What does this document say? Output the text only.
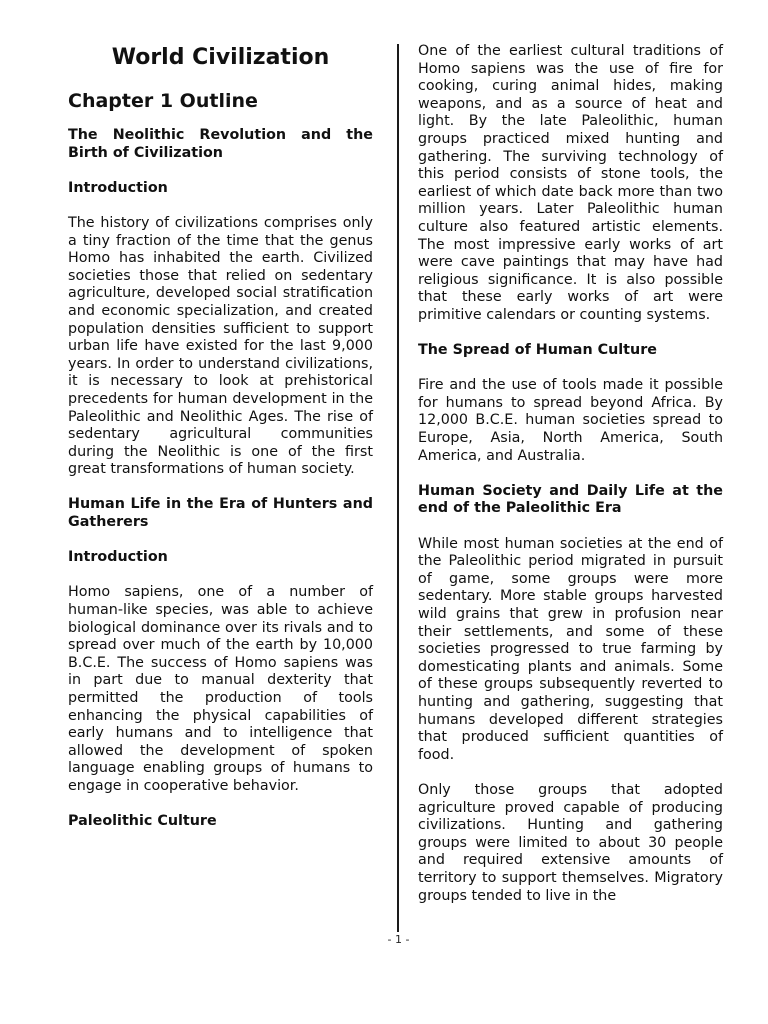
World Civilization
Chapter 1 Outline

The Neolithic Revolution and the Birth of Civilization

Introduction

The history of civilizations comprises only a tiny fraction of the time that the genus Homo has inhabited the earth. Civilized societies those that relied on sedentary agriculture, developed social stratification and economic specialization, and created population densities sufficient to support urban life have existed for the last 9,000 years. In order to understand civilizations, it is necessary to look at prehistorical precedents for human development in the Paleolithic and Neolithic Ages. The rise of sedentary agricultural communities during the Neolithic is one of the first great transformations of human society.

Human Life in the Era of Hunters and Gatherers

Introduction

Homo sapiens, one of a number of human-like species, was able to achieve biological dominance over its rivals and to spread over much of the earth by 10,000 B.C.E. The success of Homo sapiens was in part due to manual dexterity that permitted the production of tools enhancing the physical capabilities of early humans and to intelligence that allowed the development of spoken language enabling groups of humans to engage in cooperative behavior.

Paleolithic Culture

One of the earliest cultural traditions of Homo sapiens was the use of fire for cooking, curing animal hides, making weapons, and as a source of heat and light. By the late Paleolithic, human groups practiced mixed hunting and gathering. The surviving technology of this period consists of stone tools, the earliest of which date back more than two million years. Later Paleolithic human culture also featured artistic elements. The most impressive early works of art were cave paintings that may have had religious significance. It is also possible that these early works of art were primitive calendars or counting systems.

The Spread of Human Culture

Fire and the use of tools made it possible for humans to spread beyond Africa. By 12,000 B.C.E. human societies spread to Europe, Asia, North America, South America, and Australia.

Human Society and Daily Life at the end of the Paleolithic Era

While most human societies at the end of the Paleolithic period migrated in pursuit of game, some groups were more sedentary. More stable groups harvested wild grains that grew in profusion near their settlements, and some of these societies progressed to true farming by domesticating plants and animals. Some of these groups subsequently reverted to hunting and gathering, suggesting that humans developed different strategies that produced sufficient quantities of food.

Only those groups that adopted agriculture proved capable of producing civilizations. Hunting and gathering groups were limited to about 30 people and required extensive amounts of territory to support themselves. Migratory groups tended to live in the

- 1 -
